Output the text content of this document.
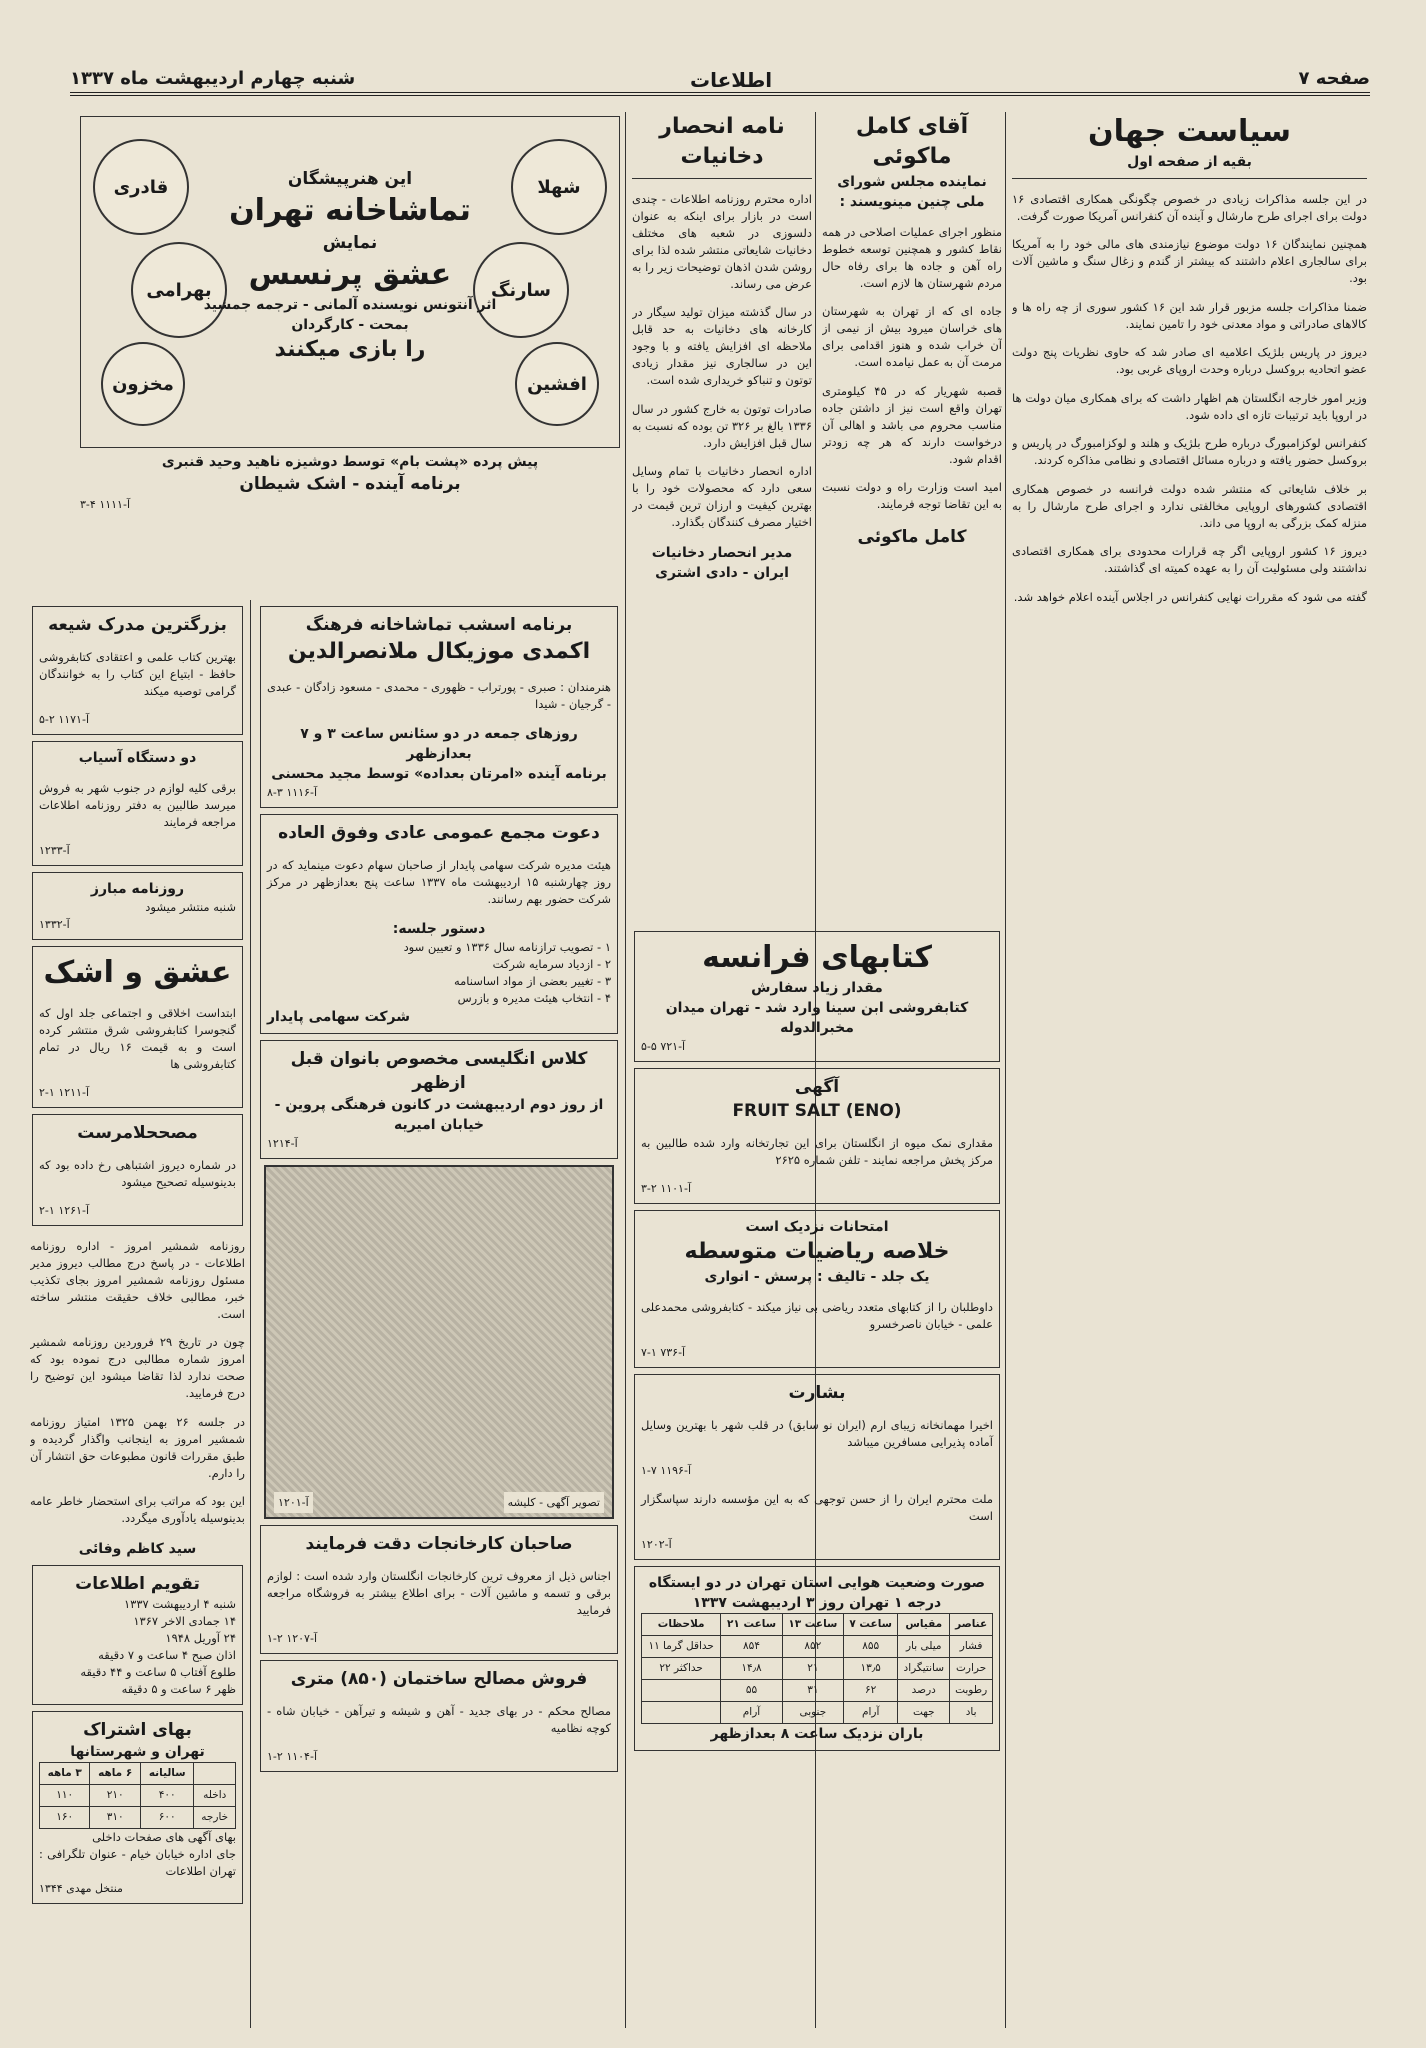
شنبه چهارم اردیبهشت ماه ۱۳۳۷	اطلاعات	صفحه ۷
سیاست جهان
بقیه از صفحه اول

در این جلسه مذاکرات زیادی در خصوص چگونگی همکاری اقتصادی ۱۶ دولت برای اجرای طرح مارشال و آینده آن کنفرانس آمریکا صورت گرفت.

همچنین نمایندگان ۱۶ دولت موضوع نیازمندی های مالی خود را به آمریکا برای سالجاری اعلام داشتند که بیشتر از گندم و زغال سنگ و ماشین آلات بود.

ضمنا مذاکرات جلسه مزبور قرار شد این ۱۶ کشور سوری از چه راه ها و کالاهای صادراتی و مواد معدنی خود را تامین نمایند.

دیروز در پاریس بلژیک اعلامیه ای صادر شد که حاوی نظریات پنج دولت عضو اتحادیه بروکسل درباره وحدت اروپای غربی بود.

وزیر امور خارجه انگلستان هم اظهار داشت که برای همکاری میان دولت ها در اروپا باید ترتیبات تازه ای داده شود.

کنفرانس لوکزامبورگ درباره طرح بلژیک و هلند و لوکزامبورگ در پاریس و بروکسل حضور یافته و درباره مسائل اقتصادی و نظامی مذاکره کردند.

بر خلاف شایعاتی که منتشر شده دولت فرانسه در خصوص همکاری اقتصادی کشورهای اروپایی مخالفتی ندارد و اجرای طرح مارشال را به منزله کمک بزرگی به اروپا می داند.

دیروز ۱۶ کشور اروپایی اگر چه قرارات محدودی برای همکاری اقتصادی نداشتند ولی مسئولیت آن را به عهده کمیته ای گذاشتند.

گفته می شود که مقررات نهایی کنفرانس در اجلاس آینده اعلام خواهد شد.

آقای کامل ماکوئی
نماینده مجلس شورای ملی چنین مینویسند :

منظور اجرای عملیات اصلاحی در همه نقاط کشور و همچنین توسعه خطوط راه آهن و جاده ها برای رفاه حال مردم شهرستان ها لازم است.

جاده ای که از تهران به شهرستان های خراسان میرود بیش از نیمی از آن خراب شده و هنوز اقدامی برای مرمت آن به عمل نیامده است.

قصبه شهریار که در ۴۵ کیلومتری تهران واقع است نیز از داشتن جاده مناسب محروم می باشد و اهالی آن درخواست دارند که هر چه زودتر اقدام شود.

امید است وزارت راه و دولت نسبت به این تقاضا توجه فرمایند.

کامل ماکوئی
نامه انحصار دخانیات

اداره محترم روزنامه اطلاعات - چندی است در بازار برای اینکه به عنوان دلسوزی در شعبه های مختلف دخانیات شایعاتی منتشر شده لذا برای روشن شدن اذهان توضیحات زیر را به عرض می رساند.

در سال گذشته میزان تولید سیگار در کارخانه های دخانیات به حد قابل ملاحظه ای افزایش یافته و با وجود این در سالجاری نیز مقدار زیادی توتون و تنباکو خریداری شده است.

صادرات توتون به خارج کشور در سال ۱۳۳۶ بالغ بر ۳۲۶ تن بوده که نسبت به سال قبل افزایش دارد.

اداره انحصار دخانیات با تمام وسایل سعی دارد که محصولات خود را با بهترین کیفیت و ارزان ترین قیمت در اختیار مصرف کنندگان بگذارد.

مدیر انحصار دخانیات ایران - دادی اشتری
کتابهای فرانسه
مقدار زیاد سفارش
کتابفروشی ابن سینا وارد شد - تهران میدان مخبرالدوله
آ-۷۲۱ ۵-۵
آگهی
FRUIT SALT (ENO)

مقداری نمک میوه از انگلستان برای این تجارتخانه وارد شده طالبین به مرکز پخش مراجعه نمایند - تلفن شماره ۲۶۲۵

آ-۱۱۰۱ ۲-۳
امتحانات نزدیک است
خلاصه ریاضیات متوسطه
یک جلد - تالیف : پرسش - انواری

داوطلبان را از کتابهای متعدد ریاضی بی نیاز میکند - کتابفروشی محمدعلی علمی - خیابان ناصرخسرو

آ-۷۳۶ ۱-۷
بشارت

اخیرا مهمانخانه زیبای ارم (ایران نو سابق) در قلب شهر با بهترین وسایل آماده پذیرایی مسافرین میباشد

آ-۱۱۹۶ ۷-۱

ملت محترم ایران را از حسن توجهی که به این مؤسسه دارند سپاسگزار است

آ-۱۲۰۲
صورت وضعیت هوایی استان تهران در دو ایستگاه
درجه ۱ تهران روز ۳ اردیبهشت ۱۳۳۷
عناصر	مقیاس	ساعت ۷	ساعت ۱۳	ساعت ۲۱	ملاحظات
فشار	میلی بار	۸۵۵	۸۵۲	۸۵۴	حداقل گرما ۱۱
حرارت	سانتیگراد	۱۳٫۵	۲۱	۱۴٫۸	حداکثر ۲۲
رطوبت	درصد	۶۲	۳۱	۵۵	
باد	جهت	آرام	جنوبی	آرام	
باران نزدیک ساعت ۸ بعدازظهر
قادری	شهلا
سارنگ
بهرامی
افشین
مخزون
این هنرپیشگان
تماشاخانه تهران
نمایش
عشق پرنسس
اثر آنتونس نویسنده آلمانی - ترجمه جمشید بمحت - کارگردان
را بازی میکنند
پیش پرده «پشت بام» توسط دوشیزه ناهید وحید قنبری
برنامه آینده - اشک شیطان
آ-۱۱۱۱ ۴-۳
برنامه اسشب تماشاخانه فرهنگ
اکمدی موزیکال ملانصرالدین

هنرمندان : صبری - پورتراب - ظهوری - محمدی - مسعود زادگان - عبدی - گرجیان - شیدا

روزهای جمعه در دو سئانس ساعت ۳ و ۷ بعدازظهر
برنامه آینده «امرتان بعداده» توسط مجید محسنی
آ-۱۱۱۶ ۳-۸
دعوت مجمع عمومی عادی وفوق العاده

هیئت مدیره شرکت سهامی پایدار از صاحبان سهام دعوت مینماید که در روز چهارشنبه ۱۵ اردیبهشت ماه ۱۳۳۷ ساعت پنج بعدازظهر در مرکز شرکت حضور بهم رسانند.

دستور جلسه:
۱ - تصویب ترازنامه سال ۱۳۳۶ و تعیین سود
۲ - ازدیاد سرمایه شرکت
۳ - تغییر بعضی از مواد اساسنامه
۴ - انتخاب هیئت مدیره و بازرس
شرکت سهامی پایدار
کلاس انگلیسی مخصوص بانوان قبل ازظهر
از روز دوم اردیبهشت در کانون فرهنگی پروین - خیابان امیریه
آ-۱۲۱۴
تصویر آگهی - کلیشه
آ-۱۲۰۱
صاحبان کارخانجات دقت فرمایند

اجناس ذیل از معروف ترین کارخانجات انگلستان وارد شده است : لوازم برقی و تسمه و ماشین آلات - برای اطلاع بیشتر به فروشگاه مراجعه فرمایید

آ-۱۲۰۷ ۲-۱
فروش مصالح ساختمان (۸۵۰) متری

مصالح محکم - در بهای جدید - آهن و شیشه و تیرآهن - خیابان شاه - کوچه نظامیه

آ-۱۱۰۴ ۲-۱
بزرگترین مدرک شیعه

بهترین کتاب علمی و اعتقادی کتابفروشی حافظ - ابتیاع این کتاب را به خوانندگان گرامی توصیه میکند

آ-۱۱۷۱ ۲-۵
دو دستگاه آسیاب

برقی کلیه لوازم در جنوب شهر به فروش میرسد طالبین به دفتر روزنامه اطلاعات مراجعه فرمایند

آ-۱۲۳۳
روزنامه مبارز
شنبه منتشر میشود
آ-۱۳۳۲
عشق و اشک

ابتداست اخلاقی و اجتماعی جلد اول که گنجوسرا کتابفروشی شرق منتشر کرده است و به قیمت ۱۶ ریال در تمام کتابفروشی ها

آ-۱۲۱۱ ۱-۲
مصححلامرست

در شماره دیروز اشتباهی رخ داده بود که بدینوسیله تصحیح میشود

آ-۱۲۶۱ ۱-۲

روزنامه شمشیر امروز - اداره روزنامه اطلاعات - در پاسخ درج مطالب دیروز مدیر مسئول روزنامه شمشیر امروز بجای تکذیب خبر، مطالبی خلاف حقیقت منتشر ساخته است.

چون در تاریخ ۲۹ فروردین روزنامه شمشیر امروز شماره مطالبی درج نموده بود که صحت ندارد لذا تقاضا میشود این توضیح را درج فرمایید.

در جلسه ۲۶ بهمن ۱۳۲۵ امتیاز روزنامه شمشیر امروز به اینجانب واگذار گردیده و طبق مقررات قانون مطبوعات حق انتشار آن را دارم.

این بود که مراتب برای استحضار خاطر عامه بدینوسیله یادآوری میگردد.

سید کاظم وفائی
تقویم اطلاعات
شنبه ۴ اردیبهشت ۱۳۳۷
۱۴ جمادی الاخر ۱۳۶۷
۲۴ آوریل ۱۹۴۸
اذان صبح ۴ ساعت و ۷ دقیقه
طلوع آفتاب ۵ ساعت و ۴۴ دقیقه
ظهر ۶ ساعت و ۵ دقیقه
بهای اشتراک
تهران و شهرستانها
	سالیانه	۶ ماهه	۳ ماهه
داخله	۴۰۰	۲۱۰	۱۱۰
خارجه	۶۰۰	۳۱۰	۱۶۰
بهای آگهی های صفحات داخلی
جای اداره خیابان خیام - عنوان تلگرافی : تهران اطلاعات
منتخل مهدی ۱۳۴۴
